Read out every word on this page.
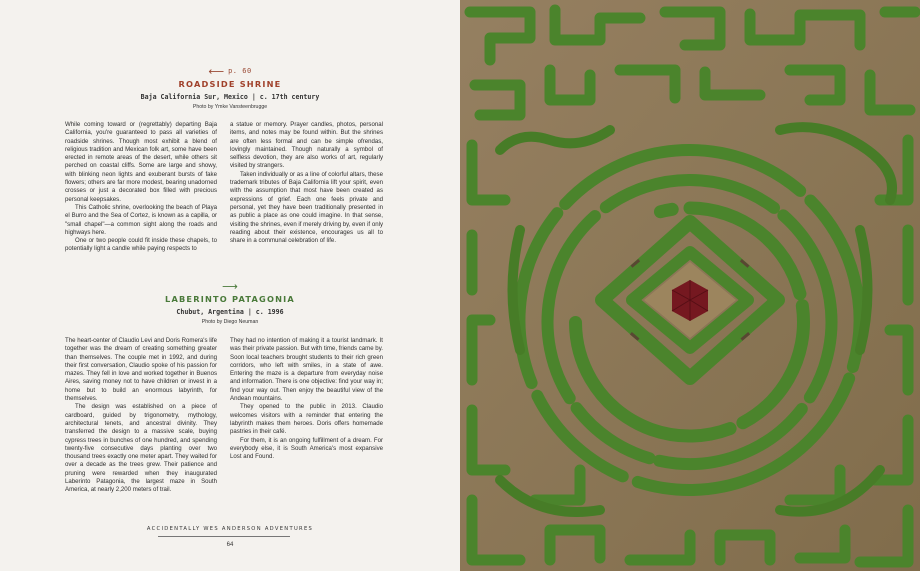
⟵ p. 60
ROADSIDE SHRINE
Baja California Sur, Mexico | c. 17th century
Photo by Ymke Vansteenbrugge

While coming toward or (regrettably) departing Baja California, you're guaranteed to pass all varieties of roadside shrines. Though most exhibit a blend of religious tradition and Mexican folk art, some have been erected in remote areas of the desert, while others sit perched on coastal cliffs. Some are large and showy, with blinking neon lights and exuberant bursts of fake flowers; others are far more modest, bearing unadorned crosses or just a decorated box filled with precious personal keepsakes.

This Catholic shrine, overlooking the beach of Playa el Burro and the Sea of Cortez, is known as a capilla, or "small chapel"—a common sight along the roads and highways here.

One or two people could fit inside these chapels, to potentially light a candle while paying respects to

a statue or memory. Prayer candles, photos, personal items, and notes may be found within. But the shrines are often less formal and can be simple ofrendas, lovingly maintained. Though naturally a symbol of selfless devotion, they are also works of art, regularly visited by strangers.

Taken individually or as a line of colorful altars, these trademark tributes of Baja California lift your spirit, even with the assumption that most have been created as expressions of grief. Each one feels private and personal, yet they have been traditionally presented in as public a place as one could imagine. In that sense, visiting the shrines, even if merely driving by, even if only reading about their existence, encourages us all to share in a communal celebration of life.

⟶
LABERINTO PATAGONIA
Chubut, Argentina | c. 1996
Photo by Diego Neuman

The heart-center of Claudio Levi and Doris Romera's life together was the dream of creating something greater than themselves. The couple met in 1992, and during their first conversation, Claudio spoke of his passion for mazes. They fell in love and worked together in Buenos Aires, saving money not to have children or invest in a home but to build an enormous labyrinth, for themselves.

The design was established on a piece of cardboard, guided by trigonometry, mythology, architectural tenets, and ancestral divinity. They transferred the design to a massive scale, buying cypress trees in bunches of one hundred, and spending twenty-five consecutive days planting over two thousand trees exactly one meter apart. They waited for over a decade as the trees grew. Their patience and pruning were rewarded when they inaugurated Laberinto Patagonia, the largest maze in South America, at nearly 2,200 meters of trail.

They had no intention of making it a tourist landmark. It was their private passion. But with time, friends came by. Soon local teachers brought students to their rich green corridors, who left with smiles, in a state of awe. Entering the maze is a departure from everyday noise and information. There is one objective: find your way in; find your way out. Then enjoy the beautiful view of the Andean mountains.

They opened to the public in 2013. Claudio welcomes visitors with a reminder that entering the labyrinth makes them heroes. Doris offers homemade pastries in their café.

For them, it is an ongoing fulfillment of a dream. For everybody else, it is South America's most expansive Lost and Found.

ACCIDENTALLY WES ANDERSON ADVENTURES
64
